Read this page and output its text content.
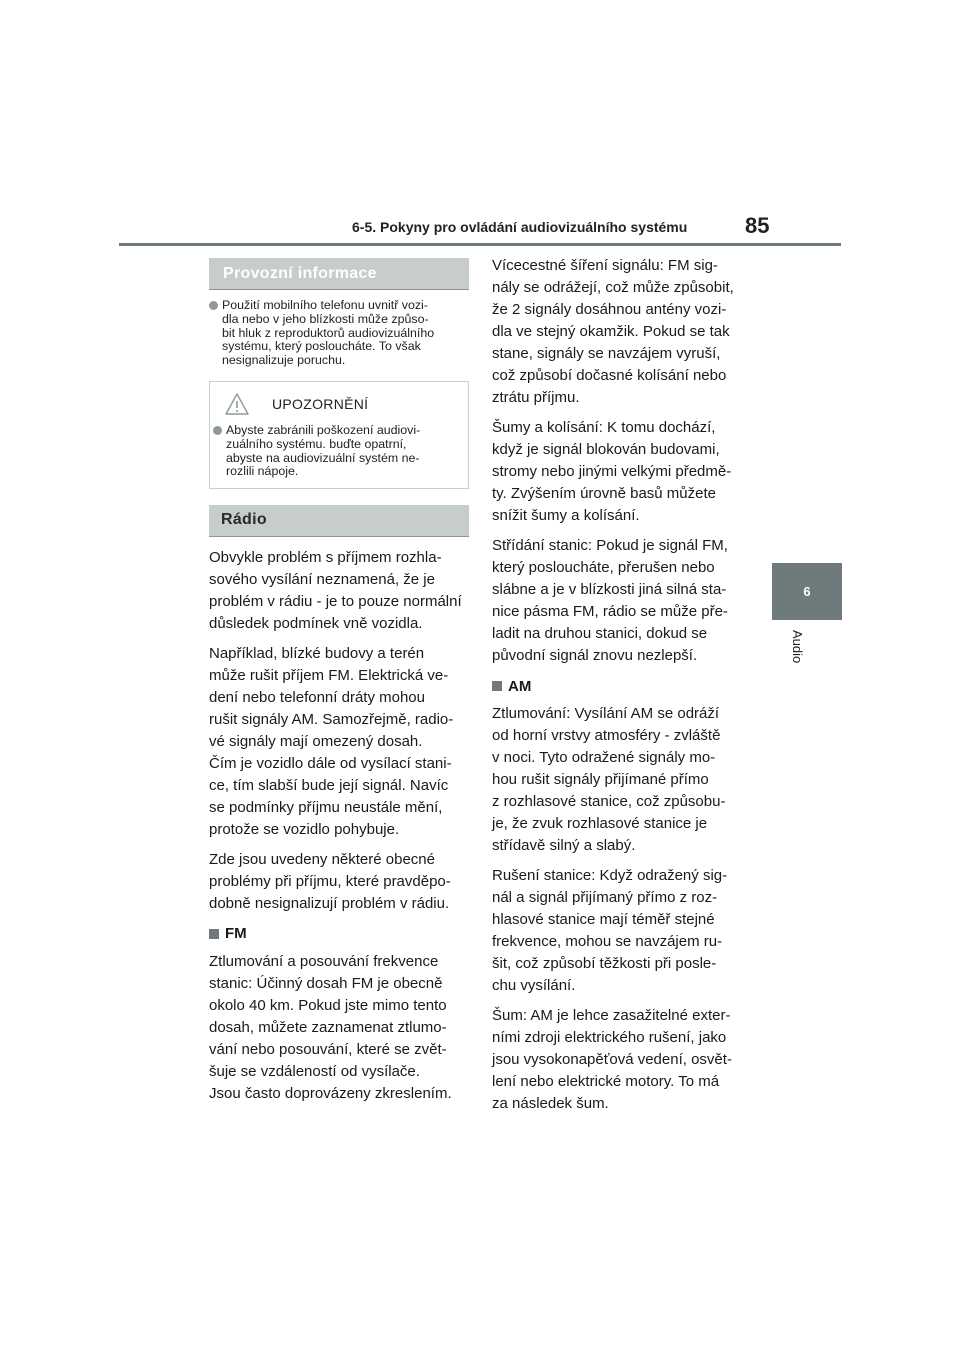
6-5. Pokyny pro ovládání audiovizuálního systému	85
6
Audio
Provozní informace
Použití mobilního telefonu uvnitř vozi-
dla nebo v jeho blízkosti může způso-
bit hluk z reproduktorů audiovizuálního
systému, který posloucháte. To však
nesignalizuje poruchu.
UPOZORNĚNÍ
Abyste zabránili poškození audiovi-
zuálního systému. buďte opatrní,
abyste na audiovizuální systém ne-
rozlili nápoje.
Rádio
Obvykle problém s příjmem rozhla-
sového vysílání neznamená, že je
problém v rádiu - je to pouze normální
důsledek podmínek vně vozidla.
Například, blízké budovy a terén
může rušit příjem FM. Elektrická ve-
dení nebo telefonní dráty mohou
rušit signály AM. Samozřejmě, radio-
vé signály mají omezený dosah.
Čím je vozidlo dále od vysílací stani-
ce, tím slabší bude její signál. Navíc
se podmínky příjmu neustále mění,
protože se vozidlo pohybuje.
Zde jsou uvedeny některé obecné
problémy při příjmu, které pravděpo-
dobně nesignalizují problém v rádiu.
FM
Ztlumování a posouvání frekvence
stanic: Účinný dosah FM je obecně
okolo 40 km. Pokud jste mimo tento
dosah, můžete zaznamenat ztlumo-
vání nebo posouvání, které se zvět-
šuje se vzdáleností od vysílače.
Jsou často doprovázeny zkreslením.
Vícecestné šíření signálu: FM sig-
nály se odrážejí, což může způsobit,
že 2 signály dosáhnou antény vozi-
dla ve stejný okamžik. Pokud se tak
stane, signály se navzájem vyruší,
což způsobí dočasné kolísání nebo
ztrátu příjmu.
Šumy a kolísání: K tomu dochází,
když je signál blokován budovami,
stromy nebo jinými velkými předmě-
ty. Zvýšením úrovně basů můžete
snížit šumy a kolísání.
Střídání stanic: Pokud je signál FM,
který posloucháte, přerušen nebo
slábne a je v blízkosti jiná silná sta-
nice pásma FM, rádio se může pře-
ladit na druhou stanici, dokud se
původní signál znovu nezlepší.
AM
Ztlumování: Vysílání AM se odráží
od horní vrstvy atmosféry - zvláště
v noci. Tyto odražené signály mo-
hou rušit signály přijímané přímo
z rozhlasové stanice, což způsobu-
je, že zvuk rozhlasové stanice je
střídavě silný a slabý.
Rušení stanice: Když odražený sig-
nál a signál přijímaný přímo z roz-
hlasové stanice mají téměř stejné
frekvence, mohou se navzájem ru-
šit, což způsobí těžkosti při posle-
chu vysílání.
Šum: AM je lehce zasažitelné exter-
ními zdroji elektrického rušení, jako
jsou vysokonapěťová vedení, osvět-
lení nebo elektrické motory. To má
za následek šum.
